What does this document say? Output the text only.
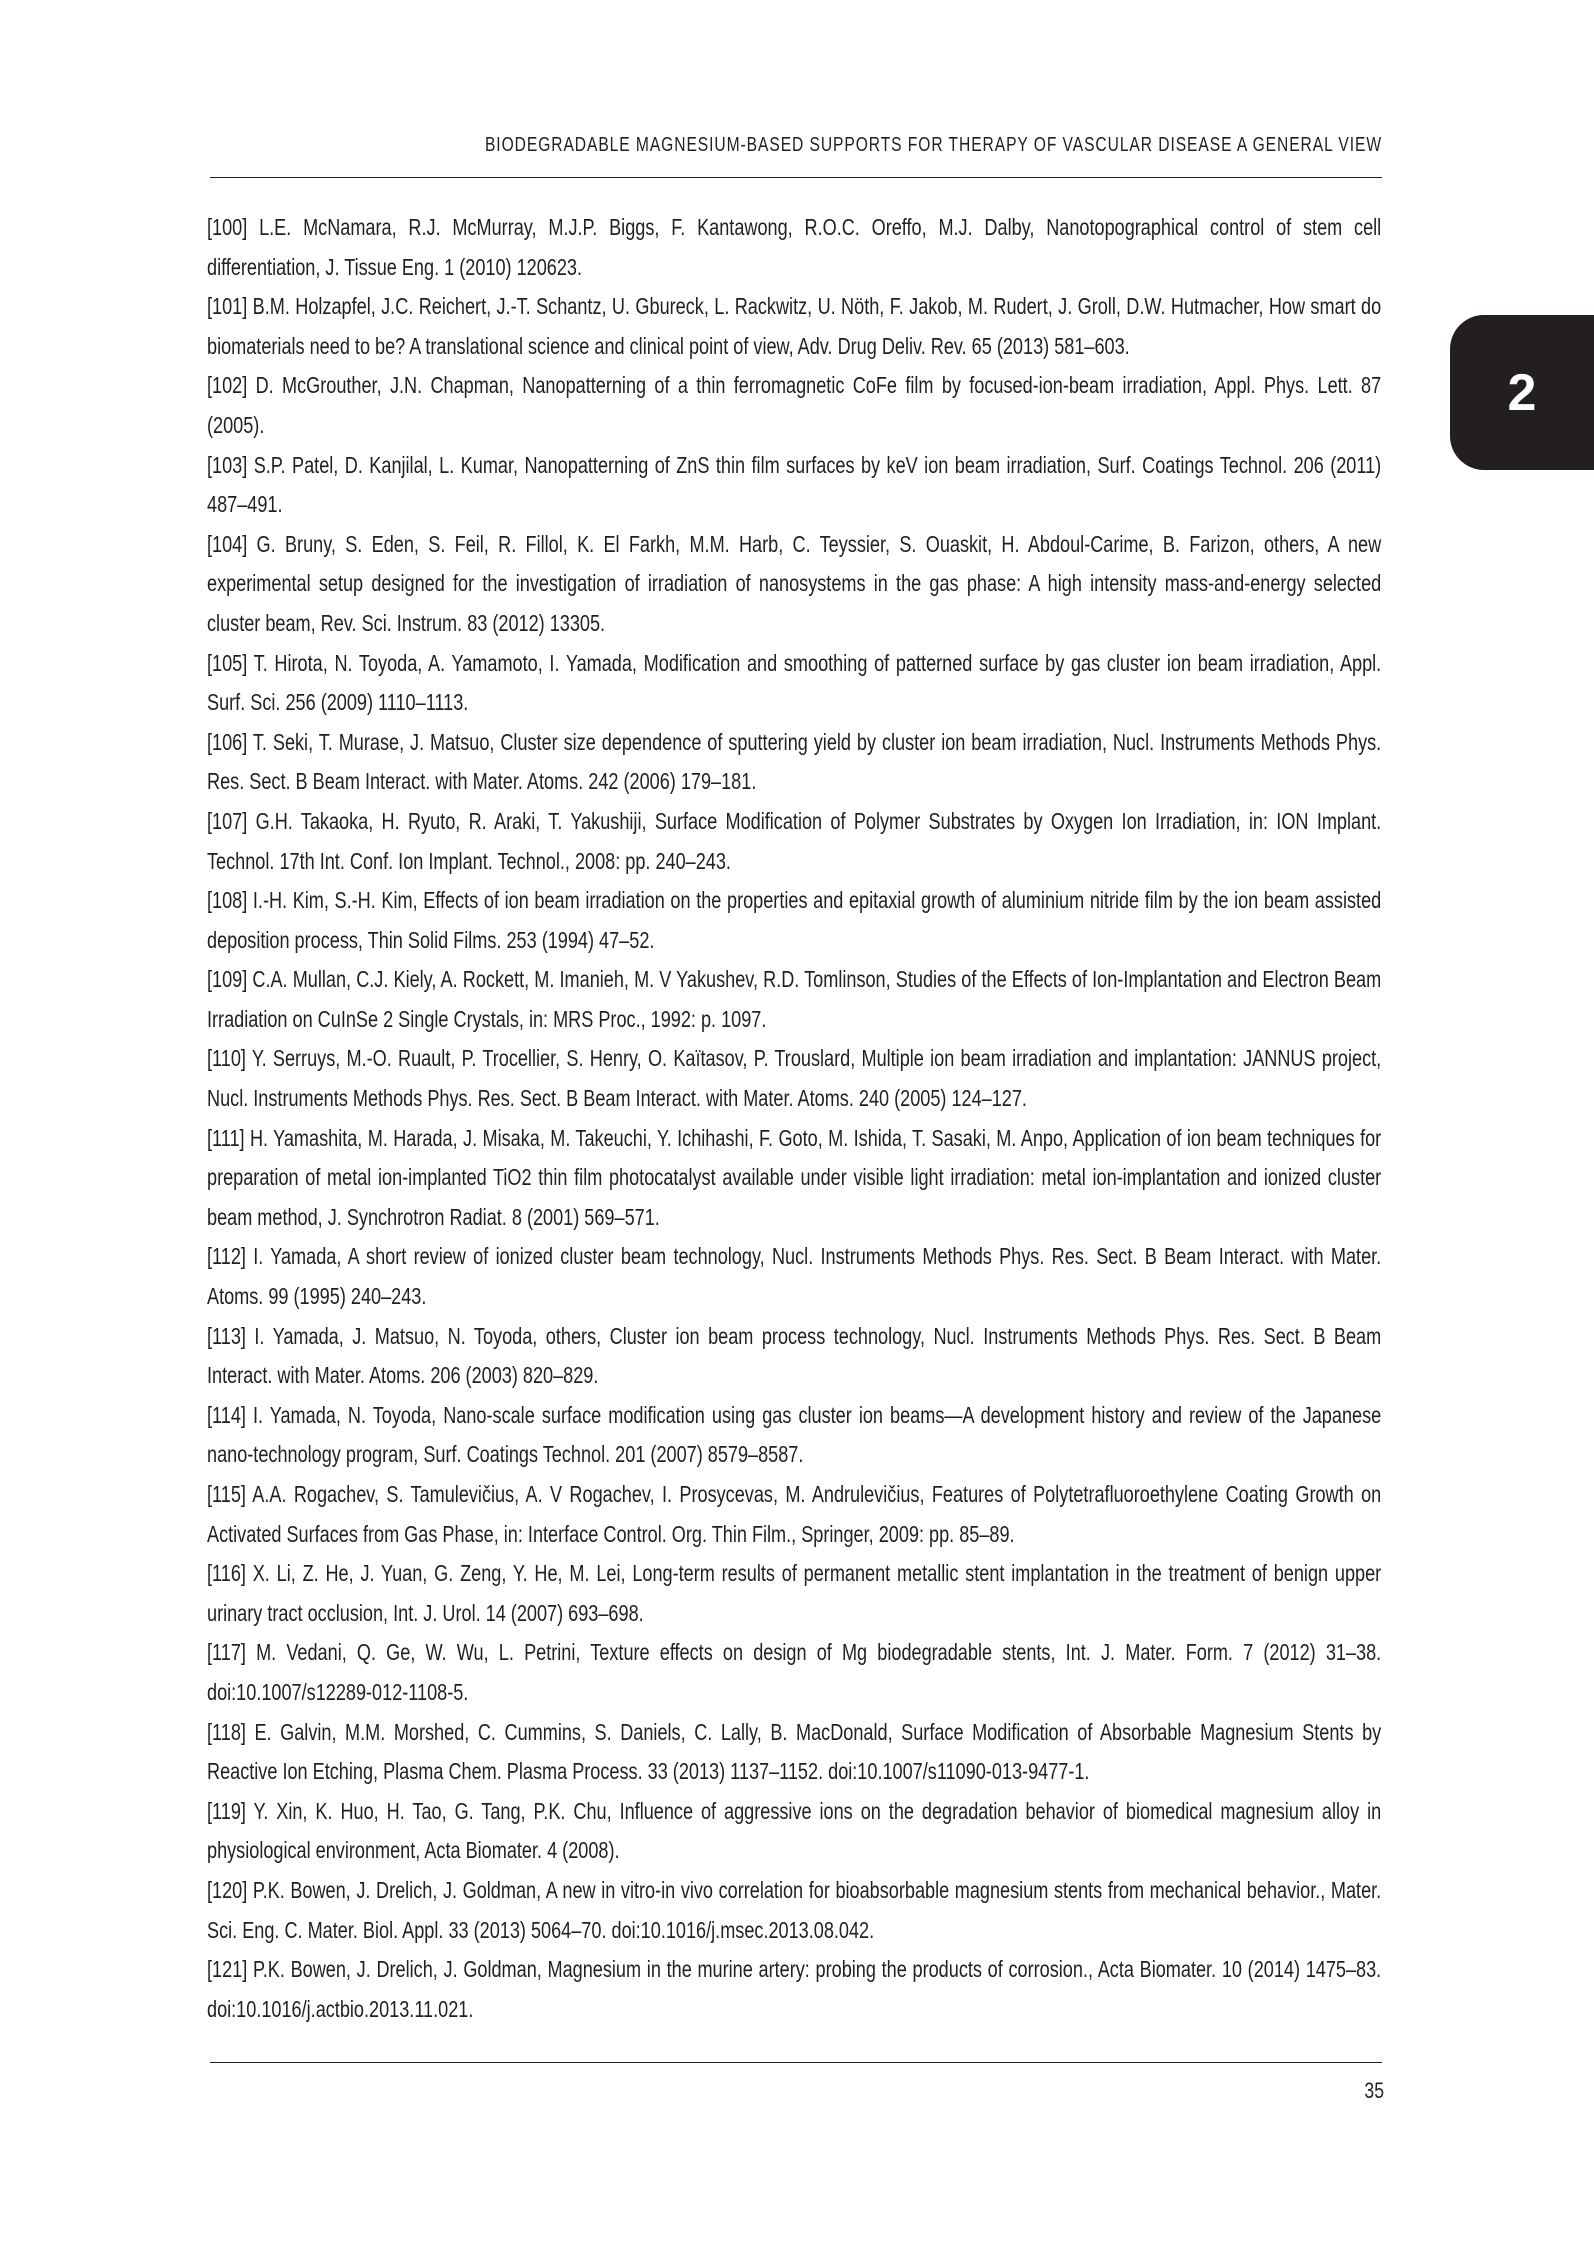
BIODEGRADABLE MAGNESIUM-BASED SUPPORTS FOR THERAPY OF VASCULAR DISEASE A GENERAL VIEW
2

[100] L.E. McNamara, R.J. McMurray, M.J.P. Biggs, F. Kantawong, R.O.C. Oreffo, M.J. Dalby, Nanotopographical control of stem cell differentiation, J. Tissue Eng. 1 (2010) 120623.

[101] B.M. Holzapfel, J.C. Reichert, J.-T. Schantz, U. Gbureck, L. Rackwitz, U. Nöth, F. Jakob, M. Rudert, J. Groll, D.W. Hutmacher, How smart do biomaterials need to be? A translational science and clinical point of view, Adv. Drug Deliv. Rev. 65 (2013) 581–603.

[102] D. McGrouther, J.N. Chapman, Nanopatterning of a thin ferromagnetic CoFe film by focused-ion-beam irradiation, Appl. Phys. Lett. 87 (2005).

[103] S.P. Patel, D. Kanjilal, L. Kumar, Nanopatterning of ZnS thin film surfaces by keV ion beam irradiation, Surf. Coatings Technol. 206 (2011) 487–491.

[104] G. Bruny, S. Eden, S. Feil, R. Fillol, K. El Farkh, M.M. Harb, C. Teyssier, S. Ouaskit, H. Abdoul-Carime, B. Farizon, others, A new experimental setup designed for the investigation of irradiation of nanosystems in the gas phase: A high intensity mass-and-energy selected cluster beam, Rev. Sci. Instrum. 83 (2012) 13305.

[105] T. Hirota, N. Toyoda, A. Yamamoto, I. Yamada, Modification and smoothing of patterned surface by gas cluster ion beam irradiation, Appl. Surf. Sci. 256 (2009) 1110–1113.

[106] T. Seki, T. Murase, J. Matsuo, Cluster size dependence of sputtering yield by cluster ion beam irradiation, Nucl. Instruments Methods Phys. Res. Sect. B Beam Interact. with Mater. Atoms. 242 (2006) 179–181.

[107] G.H. Takaoka, H. Ryuto, R. Araki, T. Yakushiji, Surface Modification of Polymer Substrates by Oxygen Ion Irradiation, in: ION Implant. Technol. 17th Int. Conf. Ion Implant. Technol., 2008: pp. 240–243.

[108] I.-H. Kim, S.-H. Kim, Effects of ion beam irradiation on the properties and epitaxial growth of aluminium nitride film by the ion beam assisted deposition process, Thin Solid Films. 253 (1994) 47–52.

[109] C.A. Mullan, C.J. Kiely, A. Rockett, M. Imanieh, M. V Yakushev, R.D. Tomlinson, Studies of the Effects of Ion-Implantation and Electron Beam Irradiation on CuInSe 2 Single Crystals, in: MRS Proc., 1992: p. 1097.

[110] Y. Serruys, M.-O. Ruault, P. Trocellier, S. Henry, O. Kaïtasov, P. Trouslard, Multiple ion beam irradiation and implantation: JANNUS project, Nucl. Instruments Methods Phys. Res. Sect. B Beam Interact. with Mater. Atoms. 240 (2005) 124–127.

[111] H. Yamashita, M. Harada, J. Misaka, M. Takeuchi, Y. Ichihashi, F. Goto, M. Ishida, T. Sasaki, M. Anpo, Application of ion beam techniques for preparation of metal ion-implanted TiO2 thin film photocatalyst available under visible light irradiation: metal ion-implantation and ionized cluster beam method, J. Synchrotron Radiat. 8 (2001) 569–571.

[112] I. Yamada, A short review of ionized cluster beam technology, Nucl. Instruments Methods Phys. Res. Sect. B Beam Interact. with Mater. Atoms. 99 (1995) 240–243.

[113] I. Yamada, J. Matsuo, N. Toyoda, others, Cluster ion beam process technology, Nucl. Instruments Methods Phys. Res. Sect. B Beam Interact. with Mater. Atoms. 206 (2003) 820–829.

[114] I. Yamada, N. Toyoda, Nano-scale surface modification using gas cluster ion beams—A development history and review of the Japanese nano-technology program, Surf. Coatings Technol. 201 (2007) 8579–8587.

[115] A.A. Rogachev, S. Tamulevičius, A. V Rogachev, I. Prosycevas, M. Andrulevičius, Features of Polytetrafluoroethylene Coating Growth on Activated Surfaces from Gas Phase, in: Interface Control. Org. Thin Film., Springer, 2009: pp. 85–89.

[116] X. Li, Z. He, J. Yuan, G. Zeng, Y. He, M. Lei, Long-term results of permanent metallic stent implantation in the treatment of benign upper urinary tract occlusion, Int. J. Urol. 14 (2007) 693–698.

[117] M. Vedani, Q. Ge, W. Wu, L. Petrini, Texture effects on design of Mg biodegradable stents, Int. J. Mater. Form. 7 (2012) 31–38. doi:10.1007/s12289-012-1108-5.

[118] E. Galvin, M.M. Morshed, C. Cummins, S. Daniels, C. Lally, B. MacDonald, Surface Modification of Absorbable Magnesium Stents by Reactive Ion Etching, Plasma Chem. Plasma Process. 33 (2013) 1137–1152. doi:10.1007/s11090-013-9477-1.

[119] Y. Xin, K. Huo, H. Tao, G. Tang, P.K. Chu, Influence of aggressive ions on the degradation behavior of biomedical magnesium alloy in physiological environment, Acta Biomater. 4 (2008).

[120] P.K. Bowen, J. Drelich, J. Goldman, A new in vitro-in vivo correlation for bioabsorbable magnesium stents from mechanical behavior., Mater. Sci. Eng. C. Mater. Biol. Appl. 33 (2013) 5064–70. doi:10.1016/j.msec.2013.08.042.

[121] P.K. Bowen, J. Drelich, J. Goldman, Magnesium in the murine artery: probing the products of corrosion., Acta Biomater. 10 (2014) 1475–83. doi:10.1016/j.actbio.2013.11.021.

35
